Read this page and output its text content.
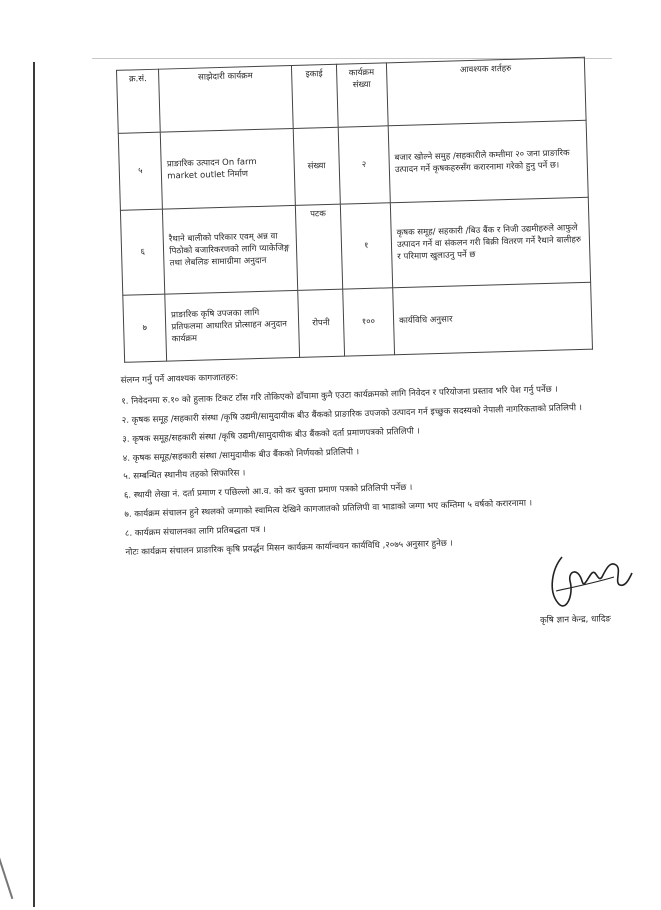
क्र.सं.	साझेदारी कार्यक्रम	इकाई	कार्यक्रम संख्या	आवश्यक शर्तहरु
५	प्राङारिक उत्पादन On farm market outlet निर्माण	संख्या	२	बजार खोल्ने समुह /सहकारीले कम्तीमा २० जना प्राङारिक उत्पादन गर्ने कृषकहरुसँग करारनामा गरेको हुनु पर्ने छ।
६	रैथाने बालीको परिकार एवम् अन्न वा पिठोको बजारिकरणको लागि प्याकेजिङ्ग तथा लेबलिङ सामाग्रीमा अनुदान	पटक	१	कृषक समूह/ सहकारी /बिउ बैंक र निजी उद्यमीहरुले आफुले उत्पादन गर्ने वा संकलन गरी बिक्री वितरण गर्ने रैथाने बालीहरु र परिमाण खुलाउनु पर्ने छ
७	प्राङारिक कृषि उपजका लागि प्रतिफलमा आधारित प्रोत्साहन अनुदान कार्यक्रम	रोपनी	१००	कार्यविधि अनुसार

संलग्न गर्नु पर्ने आवश्यक कागजातहरु:

१. निवेदनमा रु.१० को हुलाक टिकट टाँस गरि तोकिएको ढाँचामा कुनै एउटा कार्यक्रमको लागि निवेदन र परियोजना प्रस्ताव भरि पेश गर्नु पर्नेछ ।

२. कृषक समूह /सहकारी संस्था /कृषि उद्यमी/सामुदायीक बीउ बैंकको प्राङारिक उपजको उत्पादन गर्न इच्छुक सदस्यको नेपाली नागरिकताको प्रतिलिपी ।

३. कृषक समूह/सहकारी संस्था /कृषि उद्यमी/सामुदायीक बीउ बैंकको दर्ता प्रमाणपत्रको प्रतिलिपी ।

४. कृषक समूह/सहकारी संस्था /सामुदायीक बीउ बैंकको निर्णयको प्रतिलिपी ।

५. सम्बन्धित स्थानीय तहको सिफारिस ।

६. स्थायी लेखा नं. दर्ता प्रमाण र पछिल्लो आ.व. को कर चुक्ता प्रमाण पत्रको प्रतिलिपी पर्नेछ ।

७. कार्यक्रम संचालन हुने स्थलको जग्गाको स्वामित्व देखिने कागजातको प्रतिलिपी वा भाडाको जग्गा भए कम्तिमा ५ वर्षको करारनामा ।

८. कार्यक्रम संचालनका लागि प्रतिबद्धता पत्र ।

नोटः कार्यक्रम संचालन प्राङारिक कृषि प्रवर्द्धन मिसन कार्यक्रम कार्यान्वयन कार्यविधि ,२०७५ अनुसार हुनेछ ।

कृषि ज्ञान केन्द्र, धादिङ
